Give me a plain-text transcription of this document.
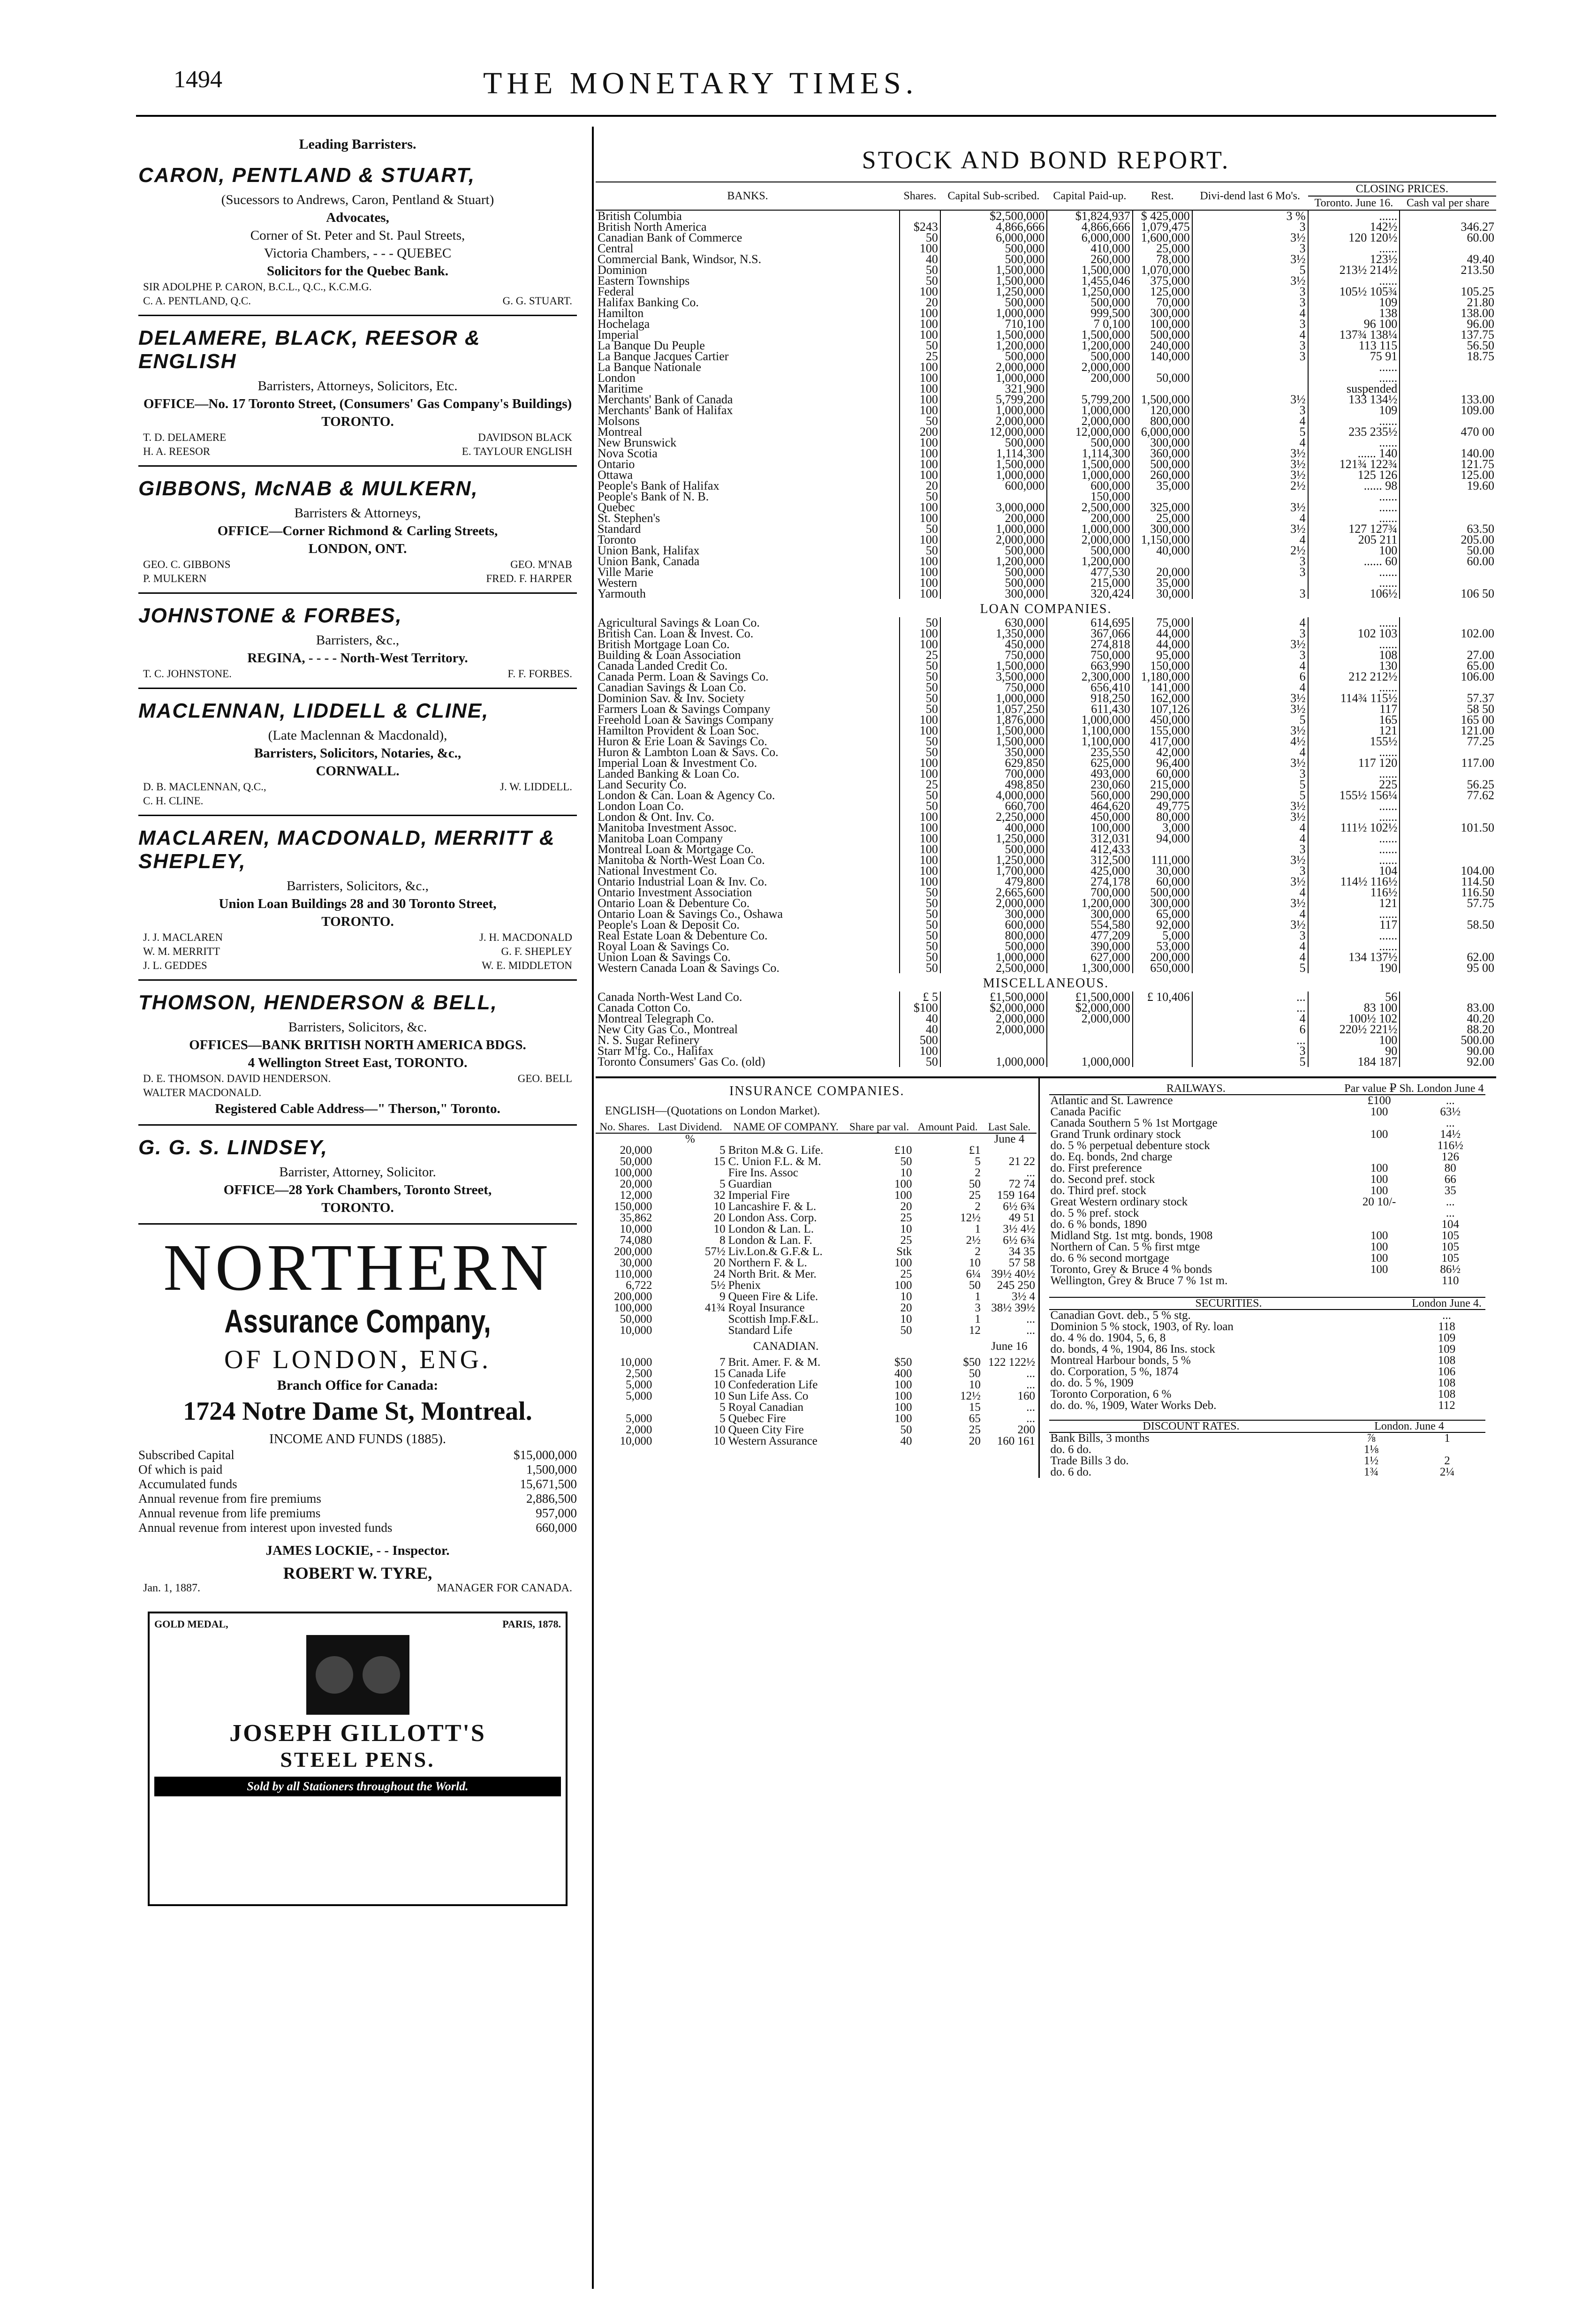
1494	THE MONETARY TIMES.
Leading Barristers.
CARON, PENTLAND & STUART,
(Sucessors to Andrews, Caron, Pentland & Stuart)
Advocates,
Corner of St. Peter and St. Paul Streets,
Victoria Chambers, - - - QUEBEC
Solicitors for the Quebec Bank.
SIR ADOLPHE P. CARON, B.C.L., Q.C., K.C.M.G.
C. A. PENTLAND, Q.C.	G. G. STUART.
DELAMERE, BLACK, REESOR & ENGLISH
Barristers, Attorneys, Solicitors, Etc.
OFFICE—No. 17 Toronto Street, (Consumers' Gas Company's Buildings)
TORONTO.
T. D. DELAMERE	DAVIDSON BLACK
H. A. REESOR	E. TAYLOUR ENGLISH
GIBBONS, McNAB & MULKERN,
Barristers & Attorneys,
OFFICE—Corner Richmond & Carling Streets,
LONDON, ONT.
GEO. C. GIBBONS	GEO. M'NAB
P. MULKERN	FRED. F. HARPER
JOHNSTONE & FORBES,
Barristers, &c.,
REGINA, - - - - North-West Territory.
T. C. JOHNSTONE.	F. F. FORBES.
MACLENNAN, LIDDELL & CLINE,
(Late Maclennan & Macdonald),
Barristers, Solicitors, Notaries, &c.,
CORNWALL.
D. B. MACLENNAN, Q.C.,	J. W. LIDDELL.
C. H. CLINE.
MACLAREN, MACDONALD, MERRITT & SHEPLEY,
Barristers, Solicitors, &c.,
Union Loan Buildings 28 and 30 Toronto Street,
TORONTO.
J. J. MACLAREN	J. H. MACDONALD
W. M. MERRITT	G. F. SHEPLEY
J. L. GEDDES	W. E. MIDDLETON
THOMSON, HENDERSON & BELL,
Barristers, Solicitors, &c.
OFFICES—BANK BRITISH NORTH AMERICA BDGS.
4 Wellington Street East, TORONTO.
D. E. THOMSON. DAVID HENDERSON.	GEO. BELL
WALTER MACDONALD.
Registered Cable Address—" Therson," Toronto.
G. G. S. LINDSEY,
Barrister, Attorney, Solicitor.
OFFICE—28 York Chambers, Toronto Street,
TORONTO.
NORTHERN
Assurance Company,
OF LONDON, ENG.
Branch Office for Canada:
1724 Notre Dame St, Montreal.
INCOME AND FUNDS (1885).
Subscribed Capital	$15,000,000
Of which is paid	1,500,000
Accumulated funds	15,671,500
Annual revenue from fire premiums	2,886,500
Annual revenue from life premiums	957,000
Annual revenue from interest upon invested funds	660,000
JAMES LOCKIE, - - Inspector.
ROBERT W. TYRE,
Jan. 1, 1887.	MANAGER FOR CANADA.
GOLD MEDAL,	PARIS, 1878.
JOSEPH GILLOTT'S
STEEL PENS.
Sold by all Stationers throughout the World.
STOCK AND BOND REPORT.
BANKS.	Shares.	Capital Sub-scribed.	Capital Paid-up.	Rest.	Divi-dend last 6 Mo's.	CLOSING PRICES.	
						Toronto. June 16.	Cash val per share
British Columbia		$2,500,000	$1,824,937	$ 425,000	3 %	......	
British North America	$243	4,866,666	4,866,666	1,079,475	3	142½	346.27
Canadian Bank of Commerce	50	6,000,000	6,000,000	1,600,000	3½	120 120½	60.00
Central	100	500,000	410,000	25,000	3	......	
Commercial Bank, Windsor, N.S.	40	500,000	260,000	78,000	3½	123½	49.40
Dominion	50	1,500,000	1,500,000	1,070,000	5	213½ 214½	213.50
Eastern Townships	50	1,500,000	1,455,046	375,000	3½	......	
Federal	100	1,250,000	1,250,000	125,000	3	105½ 105¾	105.25
Halifax Banking Co.	20	500,000	500,000	70,000	3	109	21.80
Hamilton	100	1,000,000	999,500	300,000	4	138	138.00
Hochelaga	100	710,100	7 0,100	100,000	3	96 100	96.00
Imperial	100	1,500,000	1,500,000	500,000	4	137¾ 138¼	137.75
La Banque Du Peuple	50	1,200,000	1,200,000	240,000	3	113 115	56.50
La Banque Jacques Cartier	25	500,000	500,000	140,000	3	75 91	18.75
La Banque Nationale	100	2,000,000	2,000,000			......	
London	100	1,000,000	200,000	50,000		......	
Maritime	100	321,900				suspended	
Merchants' Bank of Canada	100	5,799,200	5,799,200	1,500,000	3½	133 134½	133.00
Merchants' Bank of Halifax	100	1,000,000	1,000,000	120,000	3	109	109.00
Molsons	50	2,000,000	2,000,000	800,000	4	......	
Montreal	200	12,000,000	12,000,000	6,000,000	5	235 235½	470 00
New Brunswick	100	500,000	500,000	300,000	4	......	
Nova Scotia	100	1,114,300	1,114,300	360,000	3½	...... 140	140.00
Ontario	100	1,500,000	1,500,000	500,000	3½	121¾ 122¾	121.75
Ottawa	100	1,000,000	1,000,000	260,000	3½	125 126	125.00
People's Bank of Halifax	20	600,000	600,000	35,000	2½	...... 98	19.60
People's Bank of N. B.	50		150,000			......	
Quebec	100	3,000,000	2,500,000	325,000	3½	......	
St. Stephen's	100	200,000	200,000	25,000	4	......	
Standard	50	1,000,000	1,000,000	300,000	3½	127 127¾	63.50
Toronto	100	2,000,000	2,000,000	1,150,000	4	205 211	205.00
Union Bank, Halifax	50	500,000	500,000	40,000	2½	100	50.00
Union Bank, Canada	100	1,200,000	1,200,000		3	...... 60	60.00
Ville Marie	100	500,000	477,530	20,000	3	......	
Western	100	500,000	215,000	35,000		......	
Yarmouth	100	300,000	320,424	30,000	3	106½	106 50
LOAN COMPANIES.							
Agricultural Savings & Loan Co.	50	630,000	614,695	75,000	4	......	
British Can. Loan & Invest. Co.	100	1,350,000	367,066	44,000	3	102 103	102.00
British Mortgage Loan Co.	100	450,000	274,818	44,000	3½	......	
Building & Loan Association	25	750,000	750,000	95,000	3	108	27.00
Canada Landed Credit Co.	50	1,500,000	663,990	150,000	4	130	65.00
Canada Perm. Loan & Savings Co.	50	3,500,000	2,300,000	1,180,000	6	212 212½	106.00
Canadian Savings & Loan Co.	50	750,000	656,410	141,000	4	......	
Dominion Sav. & Inv. Society	50	1,000,000	918,250	162,000	3½	114¾ 115½	57.37
Farmers Loan & Savings Company	50	1,057,250	611,430	107,126	3½	117	58 50
Freehold Loan & Savings Company	100	1,876,000	1,000,000	450,000	5	165	165 00
Hamilton Provident & Loan Soc.	100	1,500,000	1,100,000	155,000	3½	121	121.00
Huron & Erie Loan & Savings Co.	50	1,500,000	1,100,000	417,000	4½	155½	77.25
Huron & Lambton Loan & Savs. Co.	50	350,000	235,550	42,000	4	......	
Imperial Loan & Investment Co.	100	629,850	625,000	96,400	3½	117 120	117.00
Landed Banking & Loan Co.	100	700,000	493,000	60,000	3	......	
Land Security Co.	25	498,850	230,060	215,000	5	225	56.25
London & Can. Loan & Agency Co.	50	4,000,000	560,000	290,000	5	155½ 156¼	77.62
London Loan Co.	50	660,700	464,620	49,775	3½	......	
London & Ont. Inv. Co.	100	2,250,000	450,000	80,000	3½	......	
Manitoba Investment Assoc.	100	400,000	100,000	3,000	4	111½ 102½	101.50
Manitoba Loan Company	100	1,250,000	312,031	94,000	4	......	
Montreal Loan & Mortgage Co.	100	500,000	412,433		3	......	
Manitoba & North-West Loan Co.	100	1,250,000	312,500	111,000	3½	......	
National Investment Co.	100	1,700,000	425,000	30,000	3	104	104.00
Ontario Industrial Loan & Inv. Co.	100	479,800	274,178	60,000	3½	114½ 116½	114.50
Ontario Investment Association	50	2,665,600	700,000	500,000	4	116½	116.50
Ontario Loan & Debenture Co.	50	2,000,000	1,200,000	300,000	3½	121	57.75
Ontario Loan & Savings Co., Oshawa	50	300,000	300,000	65,000	4	......	
People's Loan & Deposit Co.	50	600,000	554,580	92,000	3½	117	58.50
Real Estate Loan & Debenture Co.	50	800,000	477,209	5,000	3	......	
Royal Loan & Savings Co.	50	500,000	390,000	53,000	4	......	
Union Loan & Savings Co.	50	1,000,000	627,000	200,000	4	134 137½	62.00
Western Canada Loan & Savings Co.	50	2,500,000	1,300,000	650,000	5	190	95 00
MISCELLANEOUS.							
Canada North-West Land Co.	£ 5	£1,500,000	£1,500,000	£ 10,406	...	56	
Canada Cotton Co.	$100	$2,000,000	$2,000,000		...	83 100	83.00
Montreal Telegraph Co.	40	2,000,000	2,000,000		4	100½ 102	40.20
New City Gas Co., Montreal	40	2,000,000			6	220½ 221½	88.20
N. S. Sugar Refinery	500				...	100	500.00
Starr M'fg. Co., Halifax	100				3	90	90.00
Toronto Consumers' Gas Co. (old)	50	1,000,000	1,000,000		5	184 187	92.00
INSURANCE COMPANIES.
ENGLISH—(Quotations on London Market).
No. Shares.	Last Dividend.	NAME OF COMPANY.	Share par val.	Amount Paid.	Last Sale.
	%				June 4
20,000	5	Briton M.& G. Life.	£10	£1	
50,000	15	C. Union F.L. & M.	50	5	21 22
100,000		Fire Ins. Assoc	10	2	...
20,000	5	Guardian	100	50	72 74
12,000	32	Imperial Fire	100	25	159 164
150,000	10	Lancashire F. & L.	20	2	6½ 6¾
35,862	20	London Ass. Corp.	25	12½	49 51
10,000	10	London & Lan. L.	10	1	3½ 4½
74,080	8	London & Lan. F.	25	2½	6½ 6¾
200,000	57½	Liv.Lon.& G.F.& L.	Stk	2	34 35
30,000	20	Northern F. & L.	100	10	57 58
110,000	24	North Brit. & Mer.	25	6¼	39½ 40½
6,722	5½	Phenix	100	50	245 250
200,000	9	Queen Fire & Life.	10	1	3½ 4
100,000	41¾	Royal Insurance	20	3	38½ 39½
50,000		Scottish Imp.F.&L.	10	1	...
10,000		Standard Life	50	12	...
		CANADIAN.			June 16
10,000	7	Brit. Amer. F. & M.	$50	$50	122 122½
2,500	15	Canada Life	400	50	...
5,000	10	Confederation Life	100	10	...
5,000	10	Sun Life Ass. Co	100	12½	160
	5	Royal Canadian	100	15	...
5,000	5	Quebec Fire	100	65	...
2,000	10	Queen City Fire	50	25	200
10,000	10	Western Assurance	40	20	160 161
RAILWAYS.	Par value ₽ Sh.	London June 4
Atlantic and St. Lawrence	£100	...
Canada Pacific	100	63½
Canada Southern 5 % 1st Mortgage		...
Grand Trunk ordinary stock	100	14½
do. 5 % perpetual debenture stock		116½
do. Eq. bonds, 2nd charge		126
do. First preference	100	80
do. Second pref. stock	100	66
do. Third pref. stock	100	35
Great Western ordinary stock	20 10/-	...
do. 5 % pref. stock		...
do. 6 % bonds, 1890		104
Midland Stg. 1st mtg. bonds, 1908	100	105
Northern of Can. 5 % first mtge	100	105
do. 6 % second mortgage	100	105
Toronto, Grey & Bruce 4 % bonds	100	86½
Wellington, Grey & Bruce 7 % 1st m.		110
SECURITIES.	London June 4.
Canadian Govt. deb., 5 % stg.	...
Dominion 5 % stock, 1903, of Ry. loan	118
do. 4 % do. 1904, 5, 6, 8	109
do. bonds, 4 %, 1904, 86 Ins. stock	109
Montreal Harbour bonds, 5 %	108
do. Corporation, 5 %, 1874	106
do. do. 5 %, 1909	108
Toronto Corporation, 6 %	108
do. do. %, 1909, Water Works Deb.	112
DISCOUNT RATES.	London. June 4	
Bank Bills, 3 months	⅞	1
do. 6 do.	1⅛	
Trade Bills 3 do.	1½	2
do. 6 do.	1¾	2¼
